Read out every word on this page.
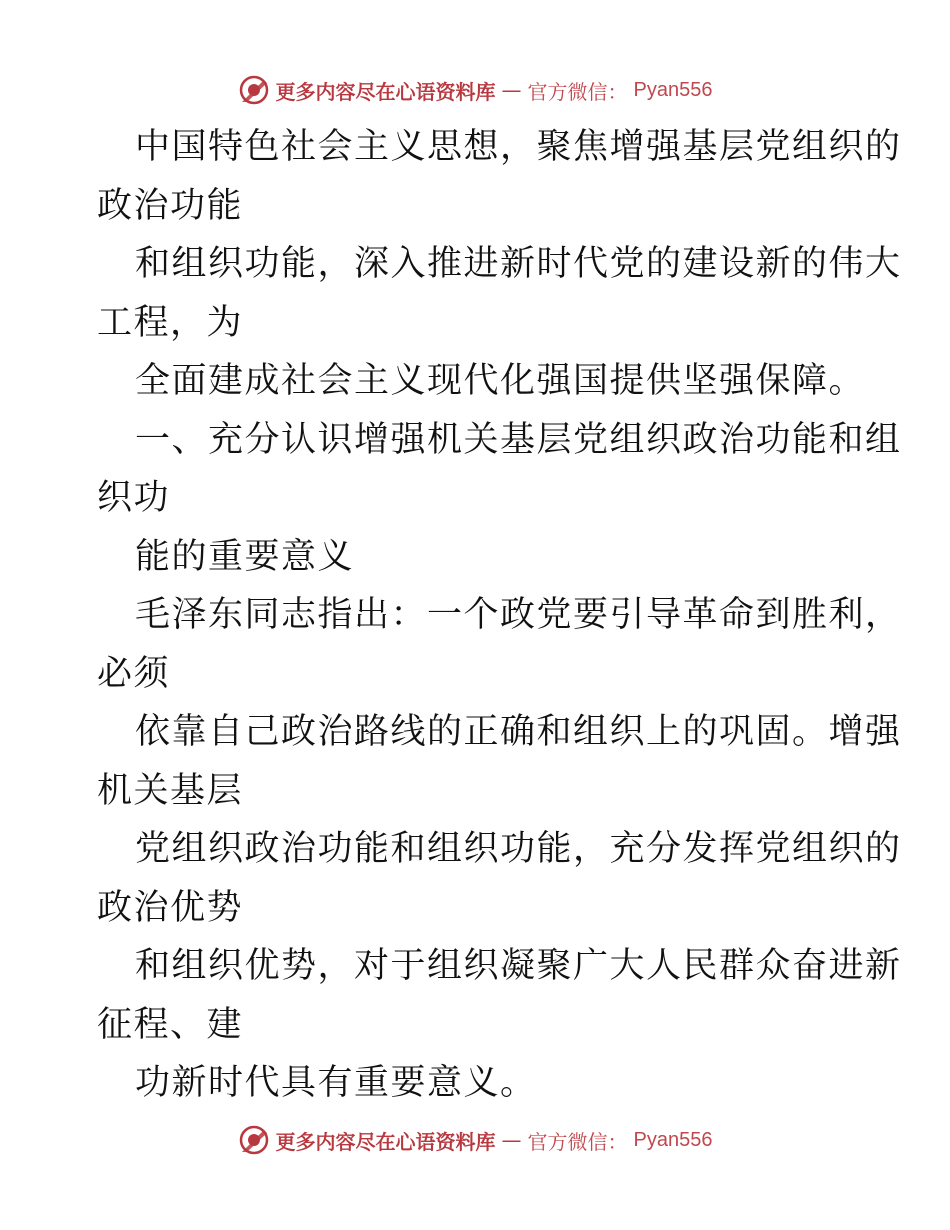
更多内容尽在心语资料库 — 官方微信： Pyan556
中国特色社会主义思想，聚焦增强基层党组织的
政治功能
和组织功能，深入推进新时代党的建设新的伟大
工程，为
全面建成社会主义现代化强国提供坚强保障。
一、充分认识增强机关基层党组织政治功能和组
织功
能的重要意义
毛泽东同志指出：一个政党要引导革命到胜利，
必须
依靠自己政治路线的正确和组织上的巩固。增强
机关基层
党组织政治功能和组织功能，充分发挥党组织的
政治优势
和组织优势，对于组织凝聚广大人民群众奋进新
征程、建
功新时代具有重要意义。
更多内容尽在心语资料库 — 官方微信： Pyan556
